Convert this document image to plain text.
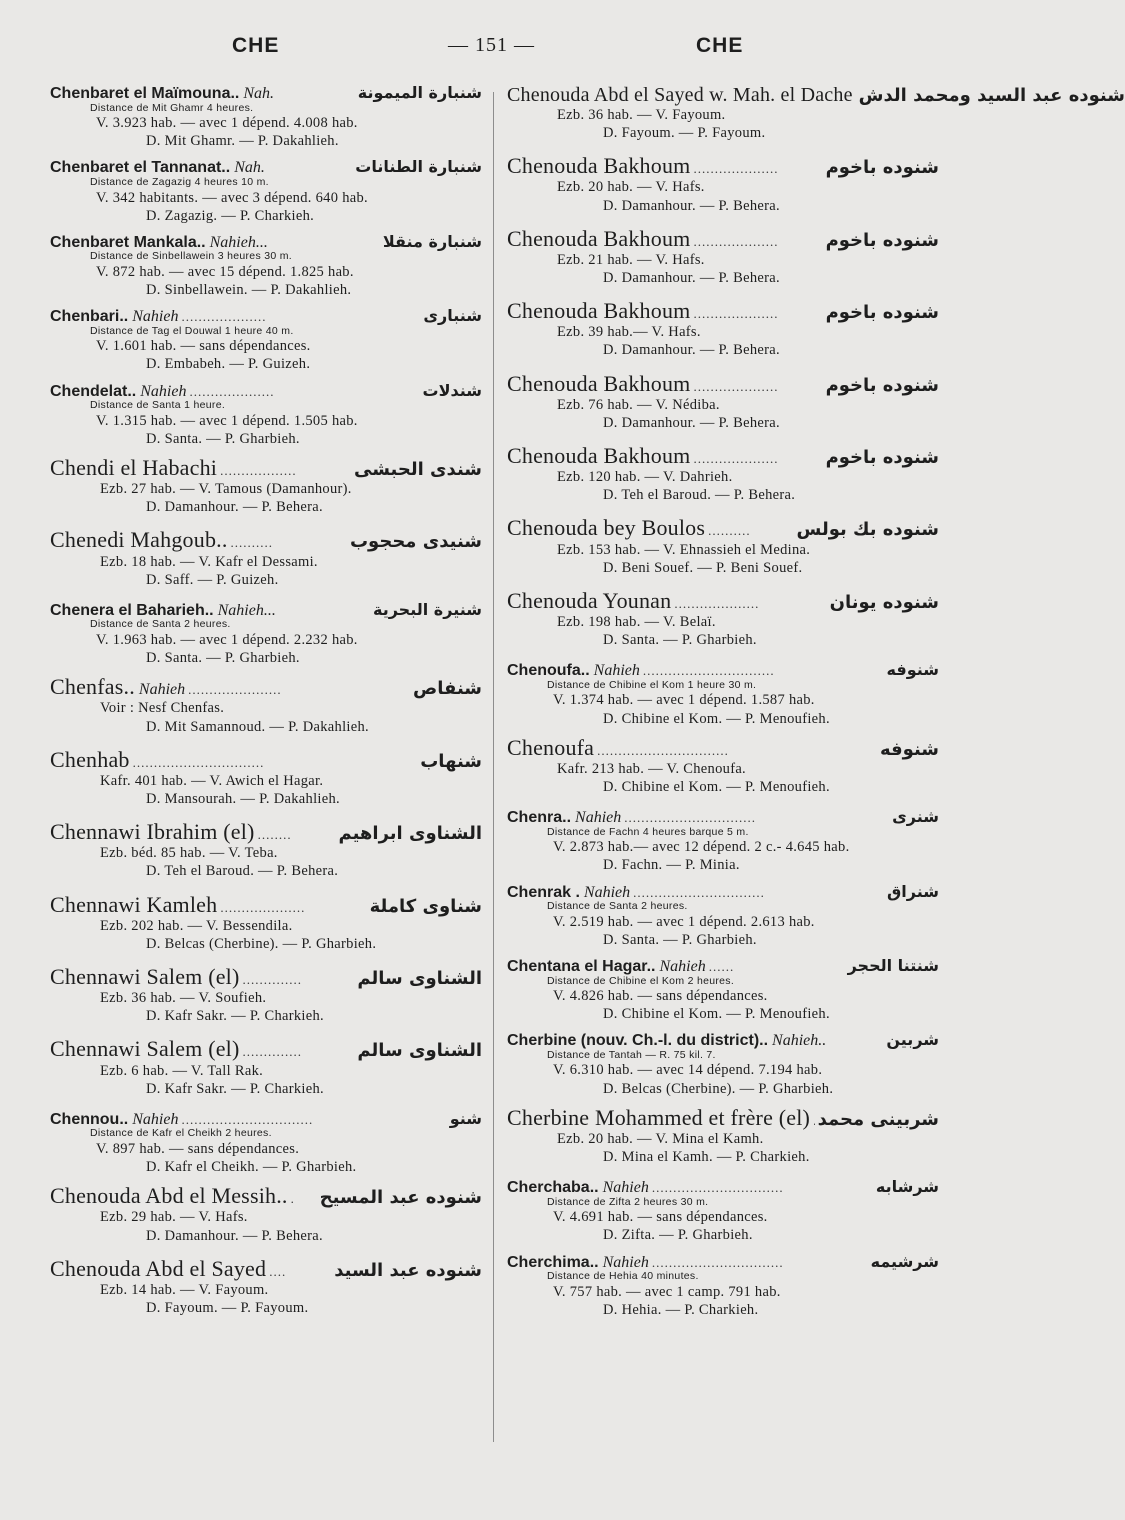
CHE	— 151 —	CHE
Chenbaret el Maïmouna.. Nah.	شنبارة الميمونة
Distance de Mit Ghamr 4 heures.
V. 3.923 hab. — avec 1 dépend. 4.008 hab.
D. Mit Ghamr. — P. Dakahlieh.
Chenbaret el Tannanat.. Nah.	شنبارة الطنانات
Distance de Zagazig 4 heures 10 m.
V. 342 habitants. — avec 3 dépend. 640 hab.
D. Zagazig. — P. Charkieh.
Chenbaret Mankala.. Nahieh...	شنبارة منقلا
Distance de Sinbellawein 3 heures 30 m.
V. 872 hab. — avec 15 dépend. 1.825 hab.
D. Sinbellawein. — P. Dakahlieh.
Chenbari.. Nahieh ....................	شنبارى
Distance de Tag el Douwal 1 heure 40 m.
V. 1.601 hab. — sans dépendances.
D. Embabeh. — P. Guizeh.
Chendelat.. Nahieh ....................	شندلات
Distance de Santa 1 heure.
V. 1.315 hab. — avec 1 dépend. 1.505 hab.
D. Santa. — P. Gharbieh.
Chendi el Habachi ..................	شندى الحبشى
Ezb. 27 hab. — V. Tamous (Damanhour).
D. Damanhour. — P. Behera.
Chenedi Mahgoub.. ..........	شنيدى محجوب
Ezb. 18 hab. — V. Kafr el Dessami.
D. Saff. — P. Guizeh.
Chenera el Baharieh.. Nahieh...	شنيرة البحرية
Distance de Santa 2 heures.
V. 1.963 hab. — avec 1 dépend. 2.232 hab.
D. Santa. — P. Gharbieh.
Chenfas.. Nahieh ......................	شنفاص
Voir : Nesf Chenfas.
D. Mit Samannoud. — P. Dakahlieh.
Chenhab ...............................	شنهاب
Kafr. 401 hab. — V. Awich el Hagar.
D. Mansourah. — P. Dakahlieh.
Chennawi Ibrahim (el) ........	الشناوى ابراهيم
Ezb. béd. 85 hab. — V. Teba.
D. Teh el Baroud. — P. Behera.
Chennawi Kamleh ....................	شناوى كاملة
Ezb. 202 hab. — V. Bessendila.
D. Belcas (Cherbine). — P. Gharbieh.
Chennawi Salem (el) ..............	الشناوى سالم
Ezb. 36 hab. — V. Soufieh.
D. Kafr Sakr. — P. Charkieh.
Chennawi Salem (el) ..............	الشناوى سالم
Ezb. 6 hab. — V. Tall Rak.
D. Kafr Sakr. — P. Charkieh.
Chennou.. Nahieh ...............................	شنو
Distance de Kafr el Cheikh 2 heures.
V. 897 hab. — sans dépendances.
D. Kafr el Cheikh. — P. Gharbieh.
Chenouda Abd el Messih.. .	شنوده عبد المسيح
Ezb. 29 hab. — V. Hafs.
D. Damanhour. — P. Behera.
Chenouda Abd el Sayed ....	شنوده عبد السيد
Ezb. 14 hab. — V. Fayoum.
D. Fayoum. — P. Fayoum.
Chenouda Abd el Sayed w. Mah. el Dache شنوده عبد السيد ومحمد الدش
Ezb. 36 hab. — V. Fayoum.
D. Fayoum. — P. Fayoum.
Chenouda Bakhoum ....................	شنوده باخوم
Ezb. 20 hab. — V. Hafs.
D. Damanhour. — P. Behera.
Chenouda Bakhoum ....................	شنوده باخوم
Ezb. 21 hab. — V. Hafs.
D. Damanhour. — P. Behera.
Chenouda Bakhoum ....................	شنوده باخوم
Ezb. 39 hab.— V. Hafs.
D. Damanhour. — P. Behera.
Chenouda Bakhoum ....................	شنوده باخوم
Ezb. 76 hab. — V. Nédiba.
D. Damanhour. — P. Behera.
Chenouda Bakhoum ....................	شنوده باخوم
Ezb. 120 hab. — V. Dahrieh.
D. Teh el Baroud. — P. Behera.
Chenouda bey Boulos ..........	شنوده بك بولس
Ezb. 153 hab. — V. Ehnassieh el Medina.
D. Beni Souef. — P. Beni Souef.
Chenouda Younan ....................	شنوده يونان
Ezb. 198 hab. — V. Belaï.
D. Santa. — P. Gharbieh.
Chenoufa.. Nahieh ...............................	شنوفه
Distance de Chibine el Kom 1 heure 30 m.
V. 1.374 hab. — avec 1 dépend. 1.587 hab.
D. Chibine el Kom. — P. Menoufieh.
Chenoufa ...............................	شنوفه
Kafr. 213 hab. — V. Chenoufa.
D. Chibine el Kom. — P. Menoufieh.
Chenra.. Nahieh ...............................	شنرى
Distance de Fachn 4 heures barque 5 m.
V. 2.873 hab.— avec 12 dépend. 2 c.- 4.645 hab.
D. Fachn. — P. Minia.
Chenrak . Nahieh ...............................	شنراق
Distance de Santa 2 heures.
V. 2.519 hab. — avec 1 dépend. 2.613 hab.
D. Santa. — P. Gharbieh.
Chentana el Hagar.. Nahieh ......	شنتنا الحجر
Distance de Chibine el Kom 2 heures.
V. 4.826 hab. — sans dépendances.
D. Chibine el Kom. — P. Menoufieh.
Cherbine (nouv. Ch.-l. du district).. Nahieh..	شربين
Distance de Tantah — R. 75 kil. 7.
V. 6.310 hab. — avec 14 dépend. 7.194 hab.
D. Belcas (Cherbine). — P. Gharbieh.
Cherbine Mohammed et frère (el) شربينى محمد
Ezb. 20 hab. — V. Mina el Kamh.
D. Mina el Kamh. — P. Charkieh.
Cherchaba.. Nahieh ...............................	شرشابه
Distance de Zifta 2 heures 30 m.
V. 4.691 hab. — sans dépendances.
D. Zifta. — P. Gharbieh.
Cherchima.. Nahieh ...............................	شرشيمه
Distance de Hehia 40 minutes.
V. 757 hab. — avec 1 camp. 791 hab.
D. Hehia. — P. Charkieh.
